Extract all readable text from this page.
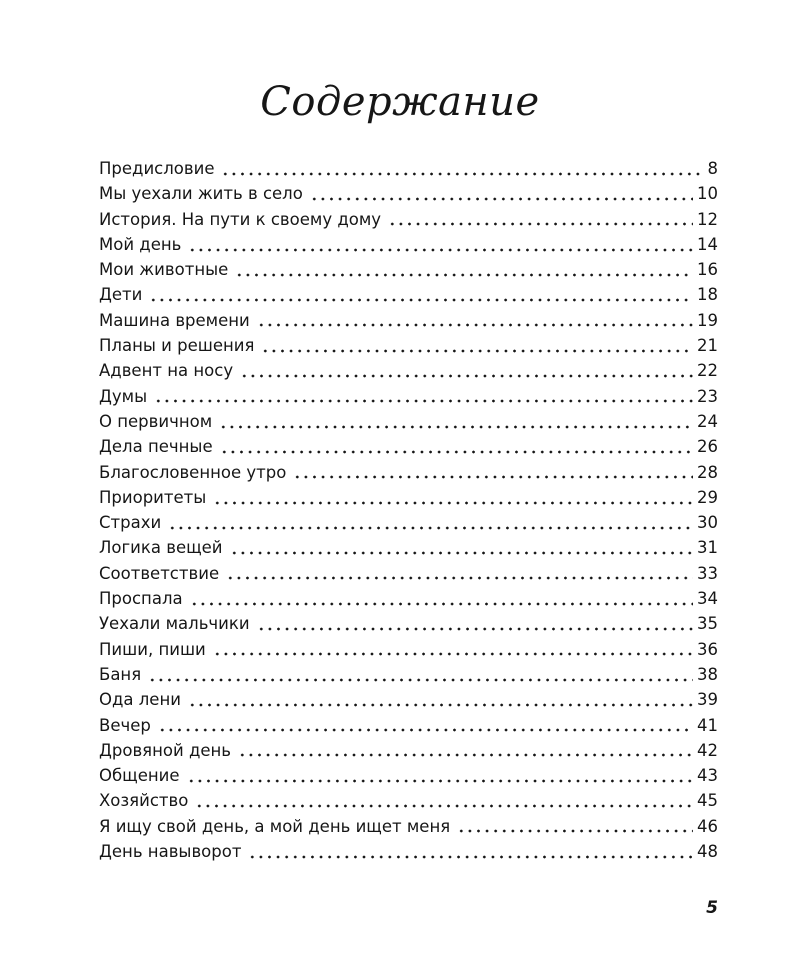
Содержание
Предисловие	8
Мы уехали жить в село	10
История. На пути к своему дому	12
Мой день	14
Мои животные	16
Дети	18
Машина времени	19
Планы и решения	21
Адвент на носу	22
Думы	23
О первичном	24
Дела печные	26
Благословенное утро	28
Приоритеты	29
Страхи	30
Логика вещей	31
Соответствие	33
Проспала	34
Уехали мальчики	35
Пиши, пиши	36
Баня	38
Ода лени	39
Вечер	41
Дровяной день	42
Общение	43
Хозяйство	45
Я ищу свой день, а мой день ищет меня	46
День навыворот	48
5
